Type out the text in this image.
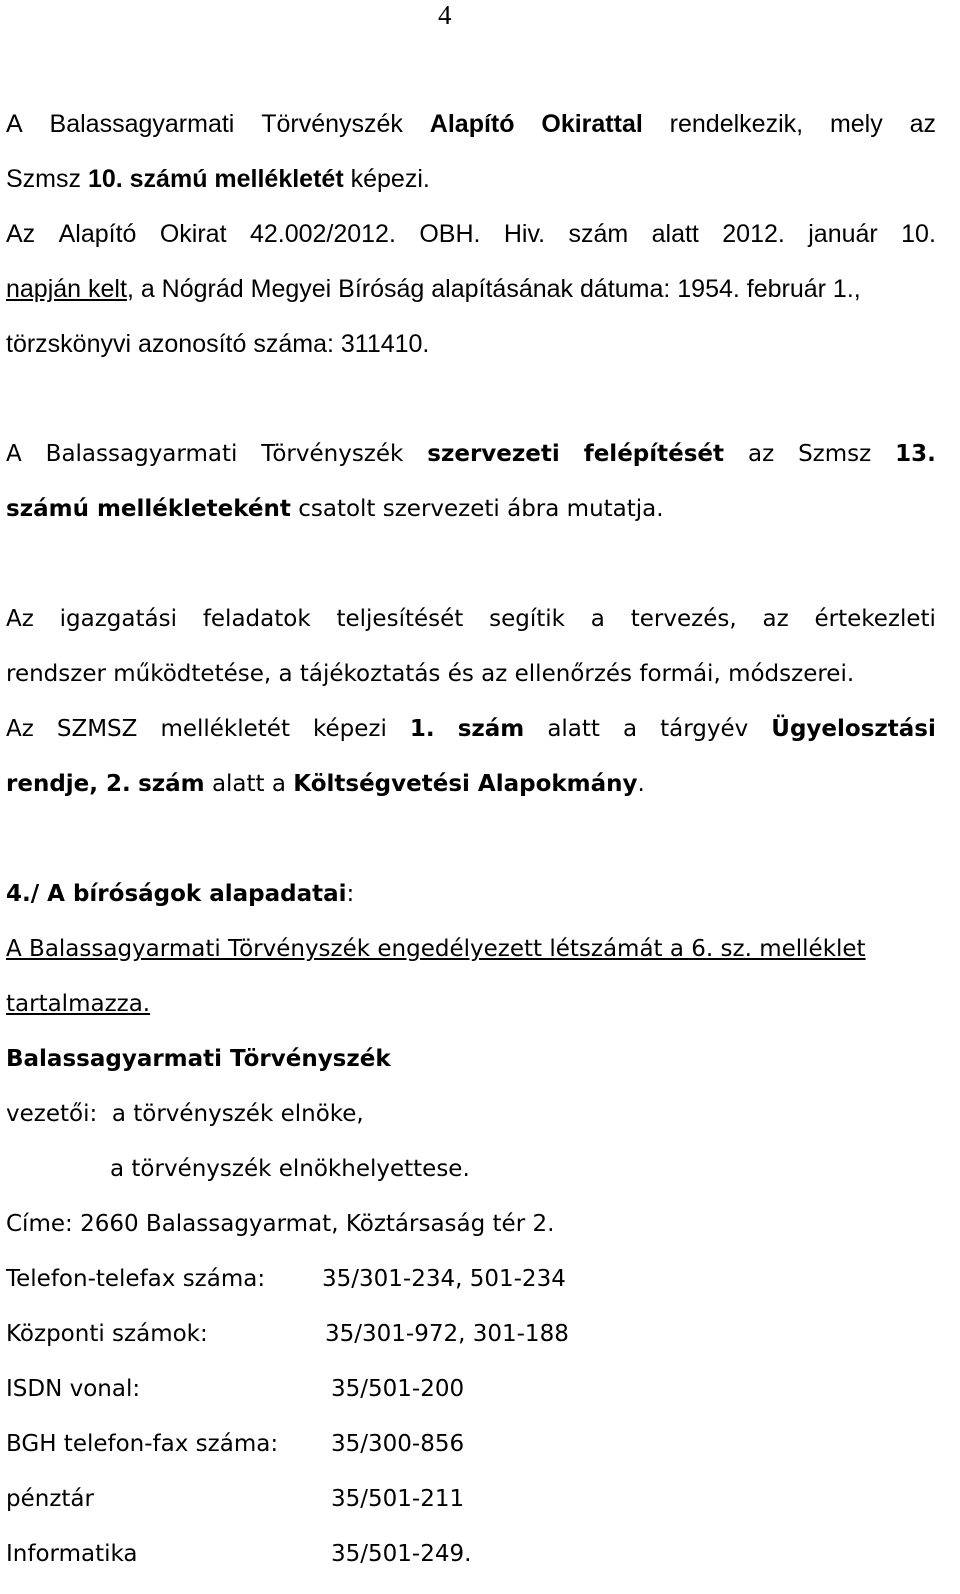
4
A Balassagyarmati Törvényszék Alapító Okirattal rendelkezik, mely az
Szmsz 10. számú mellékletét képezi.
Az Alapító Okirat 42.002/2012. OBH. Hiv. szám alatt 2012. január 10.
napján kelt, a Nógrád Megyei Bíróság alapításának dátuma: 1954. február 1.,
törzskönyvi azonosító száma: 311410.
A Balassagyarmati Törvényszék szervezeti felépítését az Szmsz 13.
számú mellékleteként csatolt szervezeti ábra mutatja.
Az igazgatási feladatok teljesítését segítik a tervezés, az értekezleti
rendszer működtetése, a tájékoztatás és az ellenőrzés formái, módszerei.
Az SZMSZ mellékletét képezi 1. szám alatt a tárgyév Ügyelosztási
rendje, 2. szám alatt a Költségvetési Alapokmány.
4./ A bíróságok alapadatai:
A Balassagyarmati Törvényszék engedélyezett létszámát a 6. sz. melléklet
tartalmazza.
Balassagyarmati Törvényszék
vezetői:  a törvényszék elnöke,
a törvényszék elnökhelyettese.
Címe: 2660 Balassagyarmat, Köztársaság tér 2.
Telefon-telefax száma: 35/301-234, 501-234
Központi számok:	35/301-972, 301-188
ISDN vonal:	35/501-200
BGH telefon-fax száma: 35/300-856
pénztár	35/501-211
Informatika	35/501-249.
